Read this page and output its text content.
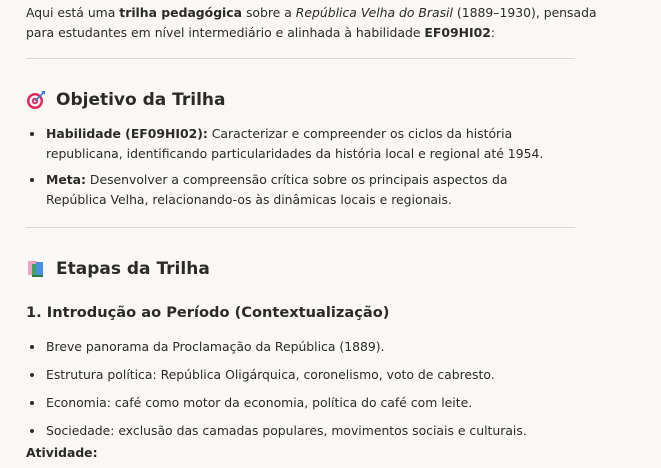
Aqui está uma trilha pedagógica sobre a República Velha do Brasil (1889–1930), pensada para estudantes em nível intermediário e alinhada à habilidade EF09HI02:

Objetivo da Trilha
Habilidade (EF09HI02): Caracterizar e compreender os ciclos da história republicana, identificando particularidades da história local e regional até 1954.
Meta: Desenvolver a compreensão crítica sobre os principais aspectos da República Velha, relacionando-os às dinâmicas locais e regionais.
Etapas da Trilha
1. Introdução ao Período (Contextualização)
Breve panorama da Proclamação da República (1889).
Estrutura política: República Oligárquica, coronelismo, voto de cabresto.
Economia: café como motor da economia, política do café com leite.
Sociedade: exclusão das camadas populares, movimentos sociais e culturais.

Atividade:
